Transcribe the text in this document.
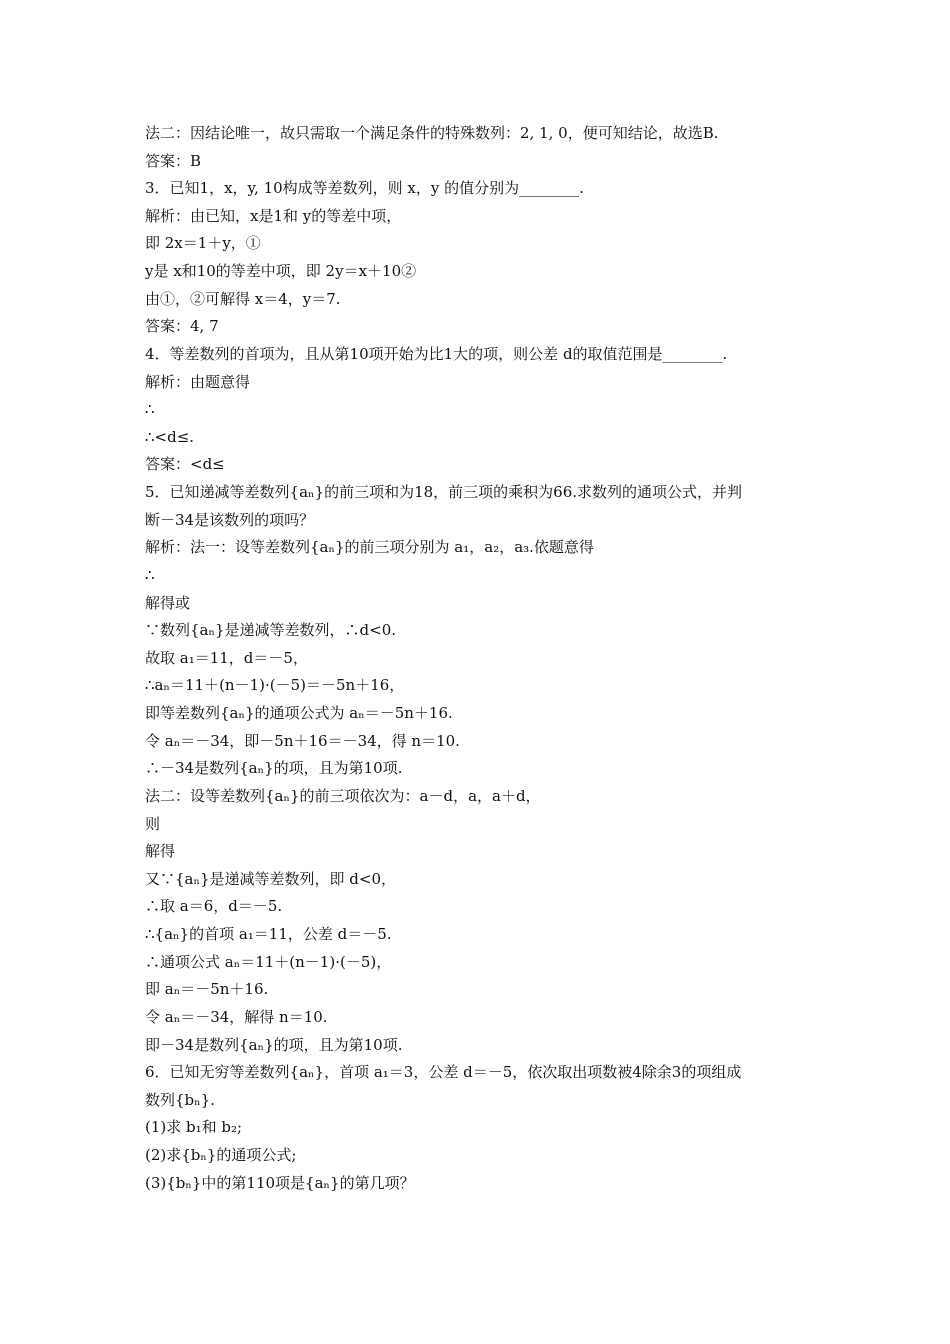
法二：因结论唯一，故只需取一个满足条件的特殊数列：2, 1, 0，便可知结论，故选B.
答案：B
3．已知1，x，y, 10构成等差数列，则 x，y 的值分别为________.
解析：由已知，x是1和 y的等差中项，
即 2x＝1＋y，①
y是 x和10的等差中项，即 2y＝x＋10②
由①，②可解得 x＝4，y＝7.
答案：4, 7
4．等差数列的首项为，且从第10项开始为比1大的项，则公差 d的取值范围是________.
解析：由题意得
∴
∴<d≤.
答案：<d≤
5．已知递减等差数列{aₙ}的前三项和为18，前三项的乘积为66.求数列的通项公式，并判
断－34是该数列的项吗？
解析：法一：设等差数列{aₙ}的前三项分别为 a₁，a₂，a₃.依题意得
∴
解得或
∵数列{aₙ}是递减等差数列，∴d<0.
故取 a₁＝11，d＝－5，
∴aₙ＝11＋(n－1)·(－5)＝－5n＋16，
即等差数列{aₙ}的通项公式为 aₙ＝－5n＋16.
令 aₙ＝－34，即－5n＋16＝－34，得 n＝10.
∴－34是数列{aₙ}的项，且为第10项.
法二：设等差数列{aₙ}的前三项依次为：a－d，a，a＋d，
则
解得
又∵{aₙ}是递减等差数列，即 d<0，
∴取 a＝6，d＝－5.
∴{aₙ}的首项 a₁＝11，公差 d＝－5.
∴通项公式 aₙ＝11＋(n－1)·(－5)，
即 aₙ＝－5n＋16.
令 aₙ＝－34，解得 n＝10.
即－34是数列{aₙ}的项，且为第10项.
6．已知无穷等差数列{aₙ}，首项 a₁＝3，公差 d＝－5，依次取出项数被4除余3的项组成
数列{bₙ}.
(1)求 b₁和 b₂;
(2)求{bₙ}的通项公式;
(3){bₙ}中的第110项是{aₙ}的第几项？
